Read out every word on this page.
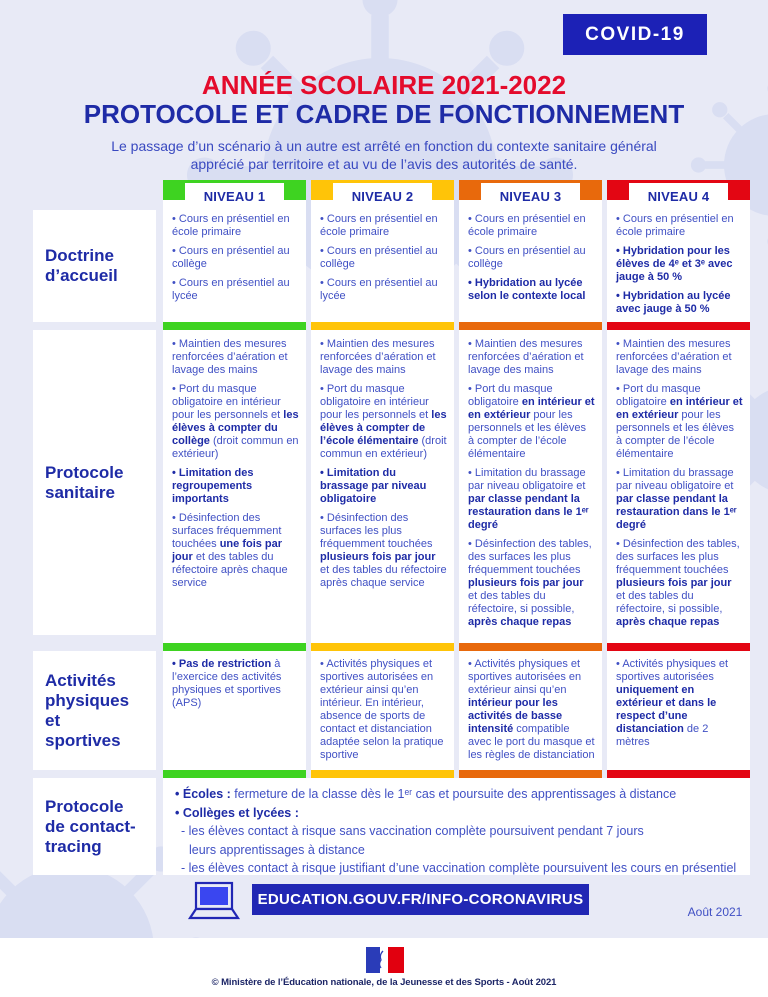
COVID-19
ANNÉE SCOLAIRE 2021-2022
PROTOCOLE ET CADRE DE FONCTIONNEMENT
Le passage d’un scénario à un autre est arrêté en fonction du contexte sanitaire général
apprécié par territoire et au vu de l’avis des autorités de santé.
NIVEAU 1
• Cours en présentiel en école primaire
• Cours en présentiel au collège
• Cours en présentiel au lycée
• Maintien des mesures renforcées d’aération et lavage des mains
• Port du masque obligatoire en intérieur pour les personnels et les élèves à compter du collège (droit commun en extérieur)
• Limitation des regroupements importants
• Désinfection des surfaces fréquemment touchées une fois par jour et des tables du réfectoire après chaque service
• Pas de restriction à l’exercice des activités physiques et sportives (APS)
NIVEAU 2
• Cours en présentiel en école primaire
• Cours en présentiel au collège
• Cours en présentiel au lycée
• Maintien des mesures renforcées d’aération et lavage des mains
• Port du masque obligatoire en intérieur pour les personnels et les élèves à compter de l’école élémentaire (droit commun en extérieur)
• Limitation du brassage par niveau obligatoire
• Désinfection des surfaces les plus fréquemment touchées plusieurs fois par jour et des tables du réfectoire après chaque service
• Activités physiques et sportives autorisées en extérieur ainsi qu’en intérieur. En intérieur, absence de sports de contact et distanciation adaptée selon la pratique sportive
NIVEAU 3
• Cours en présentiel en école primaire
• Cours en présentiel au collège
• Hybridation au lycée selon le contexte local
• Maintien des mesures renforcées d’aération et lavage des mains
• Port du masque obligatoire en intérieur et en extérieur pour les personnels et les élèves à compter de l’école élémentaire
• Limitation du brassage par niveau obligatoire et par classe pendant la restauration dans le 1ᵉʳ degré
• Désinfection des tables, des surfaces les plus fréquemment touchées plusieurs fois par jour et des tables du réfectoire, si possible, après chaque repas
• Activités physiques et sportives autorisées en extérieur ainsi qu’en intérieur pour les activités de basse intensité compatible avec le port du masque et les règles de distanciation
NIVEAU 4
• Cours en présentiel en école primaire
• Hybridation pour les élèves de 4ᵉ et 3ᵉ avec jauge à 50 %
• Hybridation au lycée avec jauge à 50 %
• Maintien des mesures renforcées d’aération et lavage des mains
• Port du masque obligatoire en intérieur et en extérieur pour les personnels et les élèves à compter de l’école élémentaire
• Limitation du brassage par niveau obligatoire et par classe pendant la restauration dans le 1ᵉʳ degré
• Désinfection des tables, des surfaces les plus fréquemment touchées plusieurs fois par jour et des tables du réfectoire, si possible, après chaque repas
• Activités physiques et sportives autorisées uniquement en extérieur et dans le respect d’une distanciation de 2 mètres
Doctrine d’accueil
Protocole sanitaire
Activités physiques et sportives
Protocole de contact-tracing
• Écoles : fermeture de la classe dès le 1ᵉʳ cas et poursuite des apprentissages à distance
• Collèges et lycées :
- les élèves contact à risque sans vaccination complète poursuivent pendant 7 jours
leurs apprentissages à distance
- les élèves contact à risque justifiant d’une vaccination complète poursuivent les cours en présentiel
EDUCATION.GOUV.FR/INFO-CORONAVIRUS
Août 2021
© Ministère de l’Éducation nationale, de la Jeunesse et des Sports - Août 2021
